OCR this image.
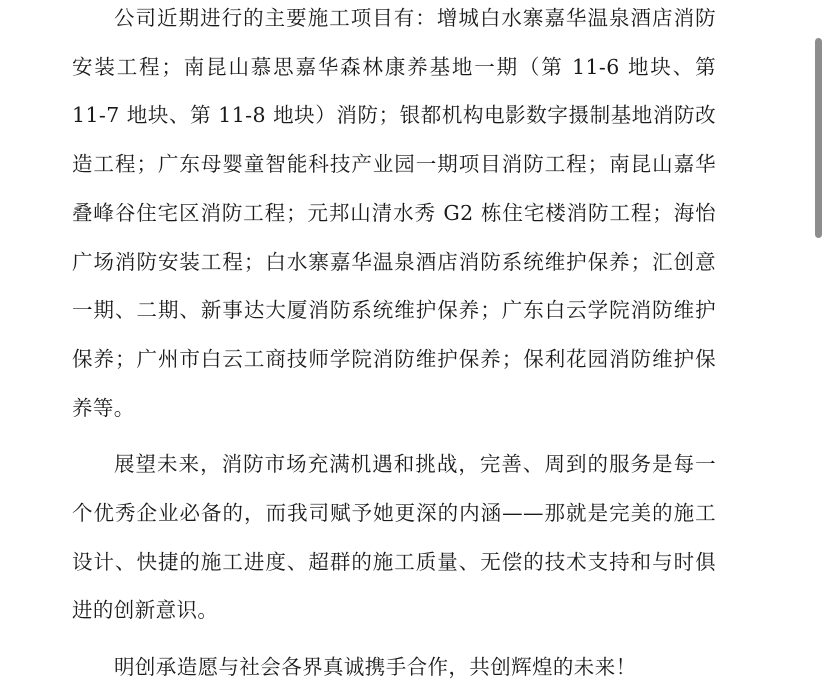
公司近期进行的主要施工项目有：增城白水寨嘉华温泉酒店消防安装工程；南昆山慕思嘉华森林康养基地一期（第 11-6 地块、第 11-7 地块、第 11-8 地块）消防；银都机构电影数字摄制基地消防改造工程；广东母婴童智能科技产业园一期项目消防工程；南昆山嘉华叠峰谷住宅区消防工程；元邦山清水秀 G2 栋住宅楼消防工程；海怡广场消防安装工程；白水寨嘉华温泉酒店消防系统维护保养；汇创意一期、二期、新事达大厦消防系统维护保养；广东白云学院消防维护保养；广州市白云工商技师学院消防维护保养；保利花园消防维护保养等。

展望未来，消防市场充满机遇和挑战，完善、周到的服务是每一个优秀企业必备的，而我司赋予她更深的内涵——那就是完美的施工设计、快捷的施工进度、超群的施工质量、无偿的技术支持和与时俱进的创新意识。

明创承造愿与社会各界真诚携手合作，共创辉煌的未来！
